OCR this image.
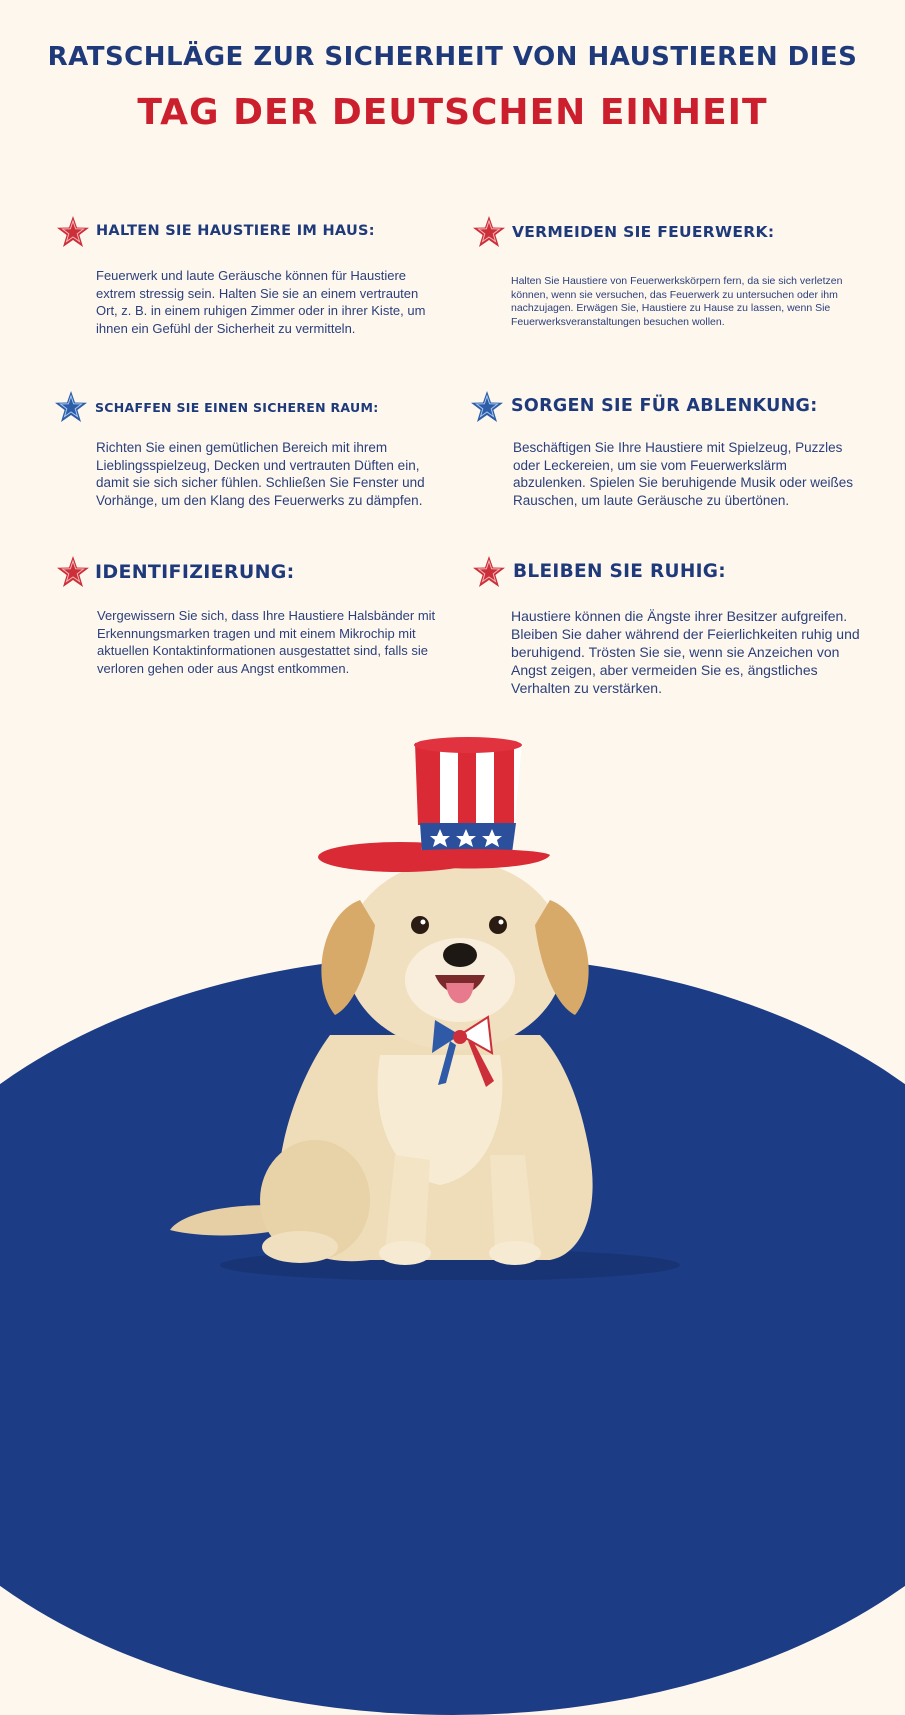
RATSCHLÄGE ZUR SICHERHEIT VON HAUSTIEREN DIES
TAG DER DEUTSCHEN EINHEIT
HALTEN SIE HAUSTIERE IM HAUS:
Feuerwerk und laute Geräusche können für Haustiere extrem stressig sein. Halten Sie sie an einem vertrauten Ort, z. B. in einem ruhigen Zimmer oder in ihrer Kiste, um ihnen ein Gefühl der Sicherheit zu vermitteln.
VERMEIDEN SIE FEUERWERK:
Halten Sie Haustiere von Feuerwerkskörpern fern, da sie sich verletzen können, wenn sie versuchen, das Feuerwerk zu untersuchen oder ihm nachzujagen. Erwägen Sie, Haustiere zu Hause zu lassen, wenn Sie Feuerwerksveranstaltungen besuchen wollen.
SCHAFFEN SIE EINEN SICHEREN RAUM:
Richten Sie einen gemütlichen Bereich mit ihrem Lieblingsspielzeug, Decken und vertrauten Düften ein, damit sie sich sicher fühlen. Schließen Sie Fenster und Vorhänge, um den Klang des Feuerwerks zu dämpfen.
SORGEN SIE FÜR ABLENKUNG:
Beschäftigen Sie Ihre Haustiere mit Spielzeug, Puzzles oder Leckereien, um sie vom Feuerwerkslärm abzulenken. Spielen Sie beruhigende Musik oder weißes Rauschen, um laute Geräusche zu übertönen.
IDENTIFIZIERUNG:
Vergewissern Sie sich, dass Ihre Haustiere Halsbänder mit Erkennungsmarken tragen und mit einem Mikrochip mit aktuellen Kontaktinformationen ausgestattet sind, falls sie verloren gehen oder aus Angst entkommen.
BLEIBEN SIE RUHIG:
Haustiere können die Ängste ihrer Besitzer aufgreifen. Bleiben Sie daher während der Feierlichkeiten ruhig und beruhigend. Trösten Sie sie, wenn sie Anzeichen von Angst zeigen, aber vermeiden Sie es, ängstliches Verhalten zu verstärken.
